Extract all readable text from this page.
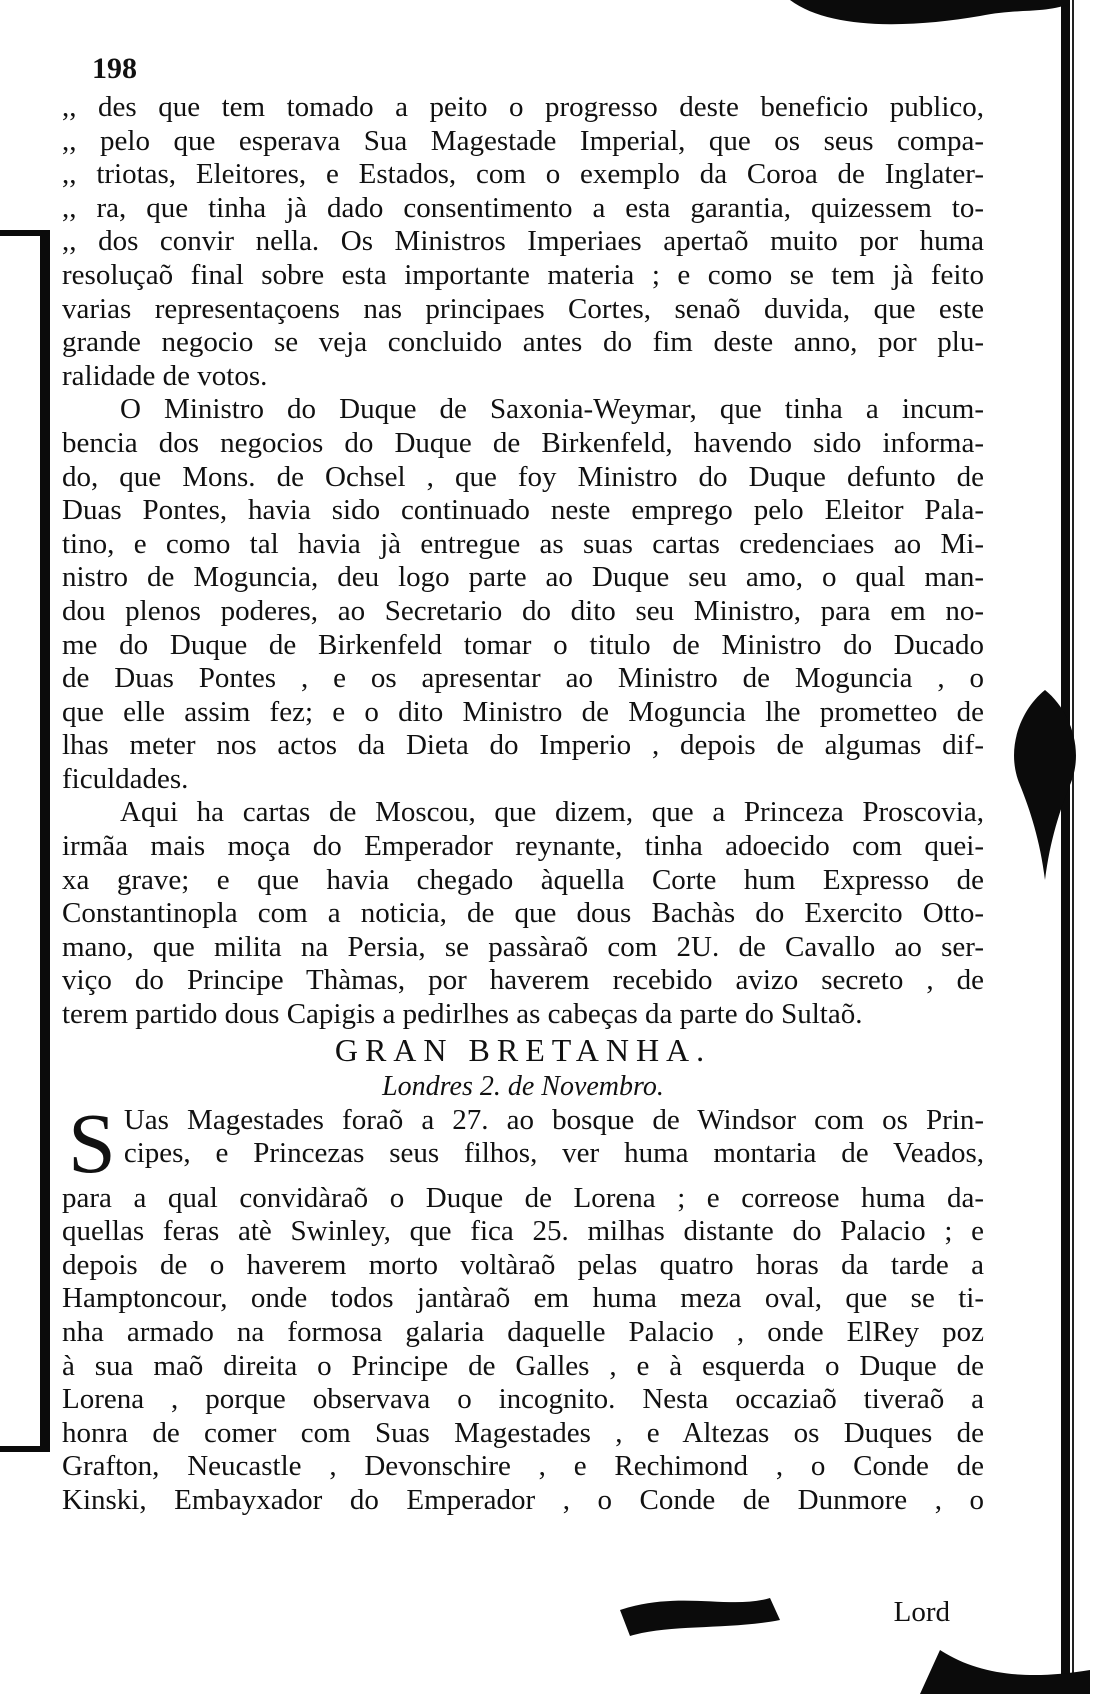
198
,, des que tem tomado a peito o progresso deste beneficio publico,
,, pelo que esperava Sua Magestade Imperial, que os seus compa-
,, triotas, Eleitores, e Estados, com o exemplo da Coroa de Inglater-
,, ra, que tinha jà dado consentimento a esta garantia, quizessem to-
,, dos convir nella. Os Ministros Imperiaes apertaõ muito por huma
resoluçaõ final sobre esta importante materia ; e como se tem jà feito
varias representaçoens nas principaes Cortes, senaõ duvida, que este
grande negocio se veja concluido antes do fim deste anno, por plu-
ralidade de votos.
O Ministro do Duque de Saxonia-Weymar, que tinha a incum-
bencia dos negocios do Duque de Birkenfeld, havendo sido informa-
do, que Mons. de Ochsel , que foy Ministro do Duque defunto de
Duas Pontes, havia sido continuado neste emprego pelo Eleitor Pala-
tino, e como tal havia jà entregue as suas cartas credenciaes ao Mi-
nistro de Moguncia, deu logo parte ao Duque seu amo, o qual man-
dou plenos poderes, ao Secretario do dito seu Ministro, para em no-
me do Duque de Birkenfeld tomar o titulo de Ministro do Ducado
de Duas Pontes , e os apresentar ao Ministro de Moguncia , o
que elle assim fez; e o dito Ministro de Moguncia lhe prometteo de
lhas meter nos actos da Dieta do Imperio , depois de algumas dif-
ficuldades.
Aqui ha cartas de Moscou, que dizem, que a Princeza Proscovia,
irmãa mais moça do Emperador reynante, tinha adoecido com quei-
xa grave; e que havia chegado àquella Corte hum Expresso de
Constantinopla com a noticia, de que dous Bachàs do Exercito Otto-
mano, que milita na Persia, se passàraõ com 2U. de Cavallo ao ser-
viço do Principe Thàmas, por haverem recebido avizo secreto , de
terem partido dous Capigis a pedirlhes as cabeças da parte do Sultaõ.
GRAN BRETANHA.
Londres 2. de Novembro.
S Uas Magestades foraõ a 27. ao bosque de Windsor com os Prin-
cipes, e Princezas seus filhos, ver huma montaria de Veados,
para a qual convidàraõ o Duque de Lorena ; e correose huma da-
quellas feras atè Swinley, que fica 25. milhas distante do Palacio ; e
depois de o haverem morto voltàraõ pelas quatro horas da tarde a
Hamptoncour, onde todos jantàraõ em huma meza oval, que se ti-
nha armado na formosa galaria daquelle Palacio , onde ElRey poz
à sua maõ direita o Principe de Galles , e à esquerda o Duque de
Lorena , porque observava o incognito. Nesta occaziaõ tiveraõ a
honra de comer com Suas Magestades , e Altezas os Duques de
Grafton, Neucastle , Devonschire , e Rechimond , o Conde de
Kinski, Embayxador do Emperador , o Conde de Dunmore , o
Lord
